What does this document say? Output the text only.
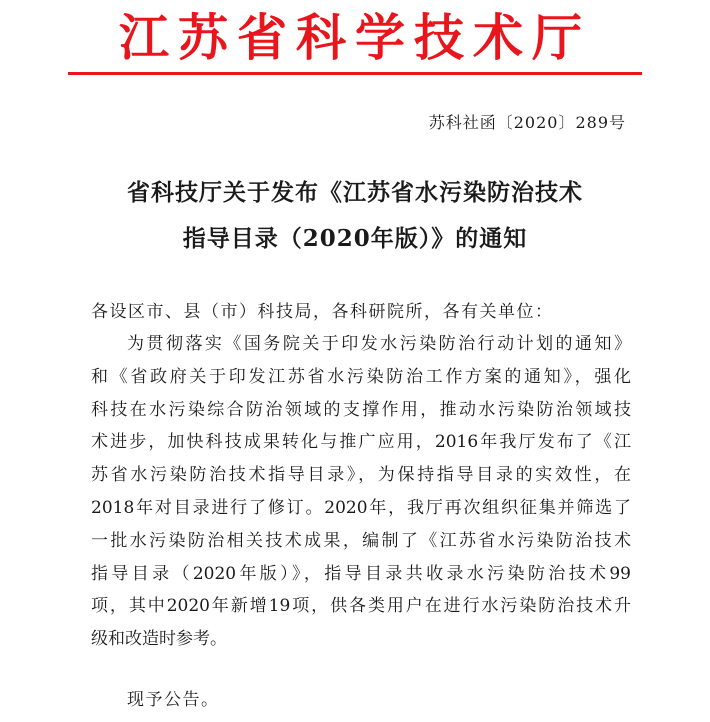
江苏省科学技术厅
苏科社函〔2020〕289号
省科技厅关于发布《江苏省水污染防治技术
指导目录（2020年版）》的通知
各设区市、县（市）科技局，各科研院所，各有关单位：
为贯彻落实《国务院关于印发水污染防治行动计划的通知》
和《省政府关于印发江苏省水污染防治工作方案的通知》，强化
科技在水污染综合防治领域的支撑作用，推动水污染防治领域技
术进步，加快科技成果转化与推广应用，2016年我厅发布了《江
苏省水污染防治技术指导目录》，为保持指导目录的实效性，在
2018年对目录进行了修订。2020年，我厅再次组织征集并筛选了
一批水污染防治相关技术成果，编制了《江苏省水污染防治技术
指导目录（2020年版）》，指导目录共收录水污染防治技术99
项，其中2020年新增19项，供各类用户在进行水污染防治技术升
级和改造时参考。
现予公告。
